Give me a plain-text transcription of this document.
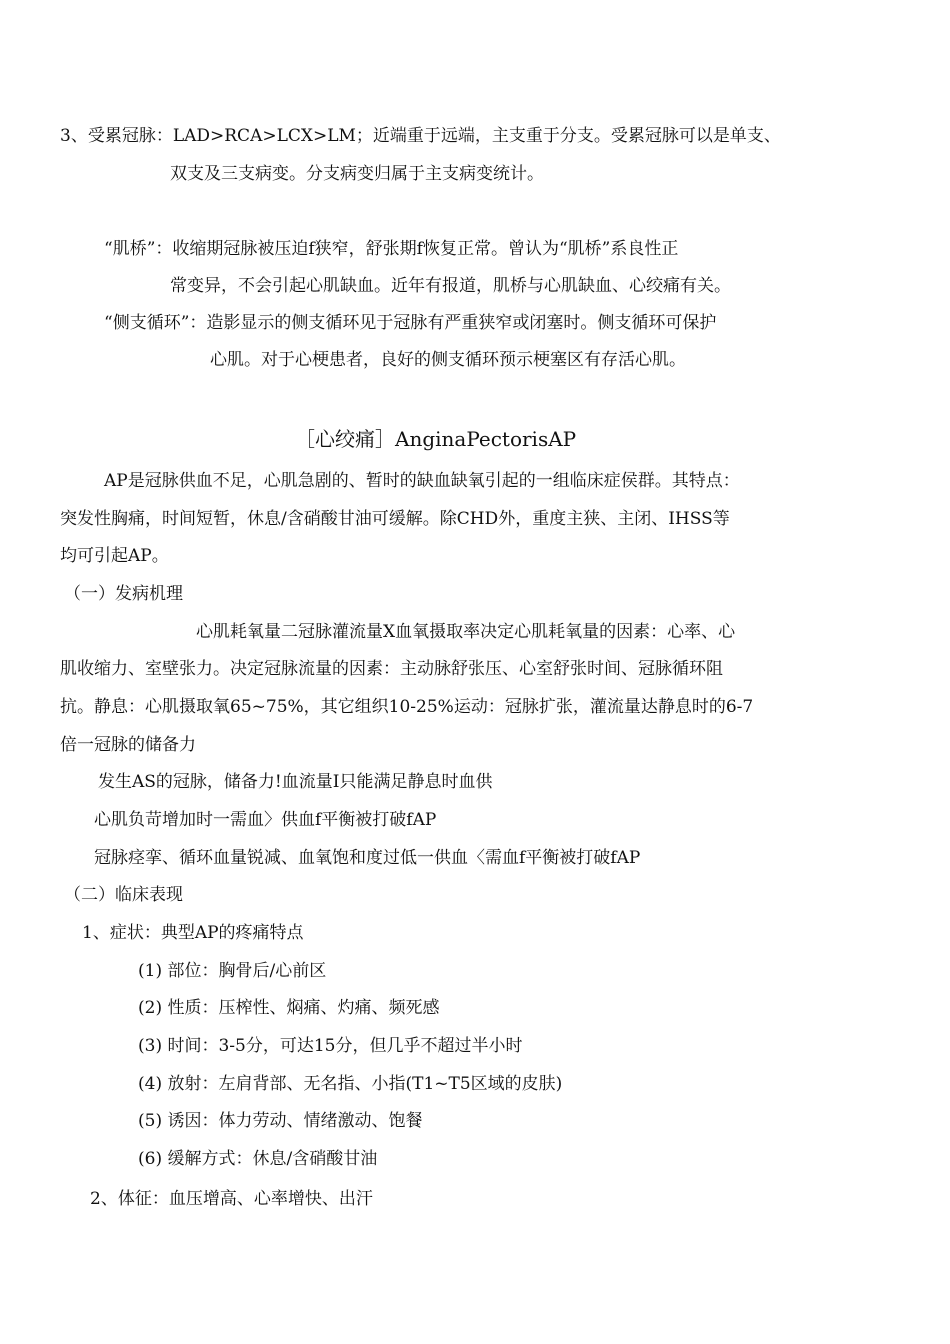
3、受累冠脉：LAD>RCA>LCX>LM；近端重于远端，主支重于分支。受累冠脉可以是单支、
双支及三支病变。分支病变归属于主支病变统计。
“肌桥”：收缩期冠脉被压迫f狭窄，舒张期f恢复正常。曾认为“肌桥”系良性正
常变异，不会引起心肌缺血。近年有报道，肌桥与心肌缺血、心绞痛有关。
“侧支循环”：造影显示的侧支循环见于冠脉有严重狭窄或闭塞时。侧支循环可保护
心肌。对于心梗患者，良好的侧支循环预示梗塞区有存活心肌。
［心绞痛］AnginaPectorisAP
AP是冠脉供血不足，心肌急剧的、暂时的缺血缺氧引起的一组临床症侯群。其特点：
突发性胸痛，时间短暂，休息/含硝酸甘油可缓解。除CHD外，重度主狭、主闭、IHSS等
均可引起AP。
（一）发病机理
心肌耗氧量二冠脉灌流量X血氧摄取率决定心肌耗氧量的因素：心率、心
肌收缩力、室壁张力。决定冠脉流量的因素：主动脉舒张压、心室舒张时间、冠脉循环阻
抗。静息：心肌摄取氧65~75%，其它组织10-25%运动：冠脉扩张，灌流量达静息时的6-7
倍一冠脉的储备力
发生AS的冠脉，储备力!血流量I只能满足静息时血供
心肌负苛增加时一需血〉供血f平衡被打破fAP
冠脉痉挛、循环血量锐减、血氧饱和度过低一供血〈需血f平衡被打破fAP
（二）临床表现
1、症状：典型AP的疼痛特点
(1) 部位：胸骨后/心前区
(2) 性质：压榨性、焖痛、灼痛、频死感
(3) 时间：3-5分，可达15分，但几乎不超过半小时
(4) 放射：左肩背部、无名指、小指(T1~T5区域的皮肤)
(5) 诱因：体力劳动、情绪激动、饱餐
(6) 缓解方式：休息/含硝酸甘油
2、体征：血压增高、心率增快、出汗
